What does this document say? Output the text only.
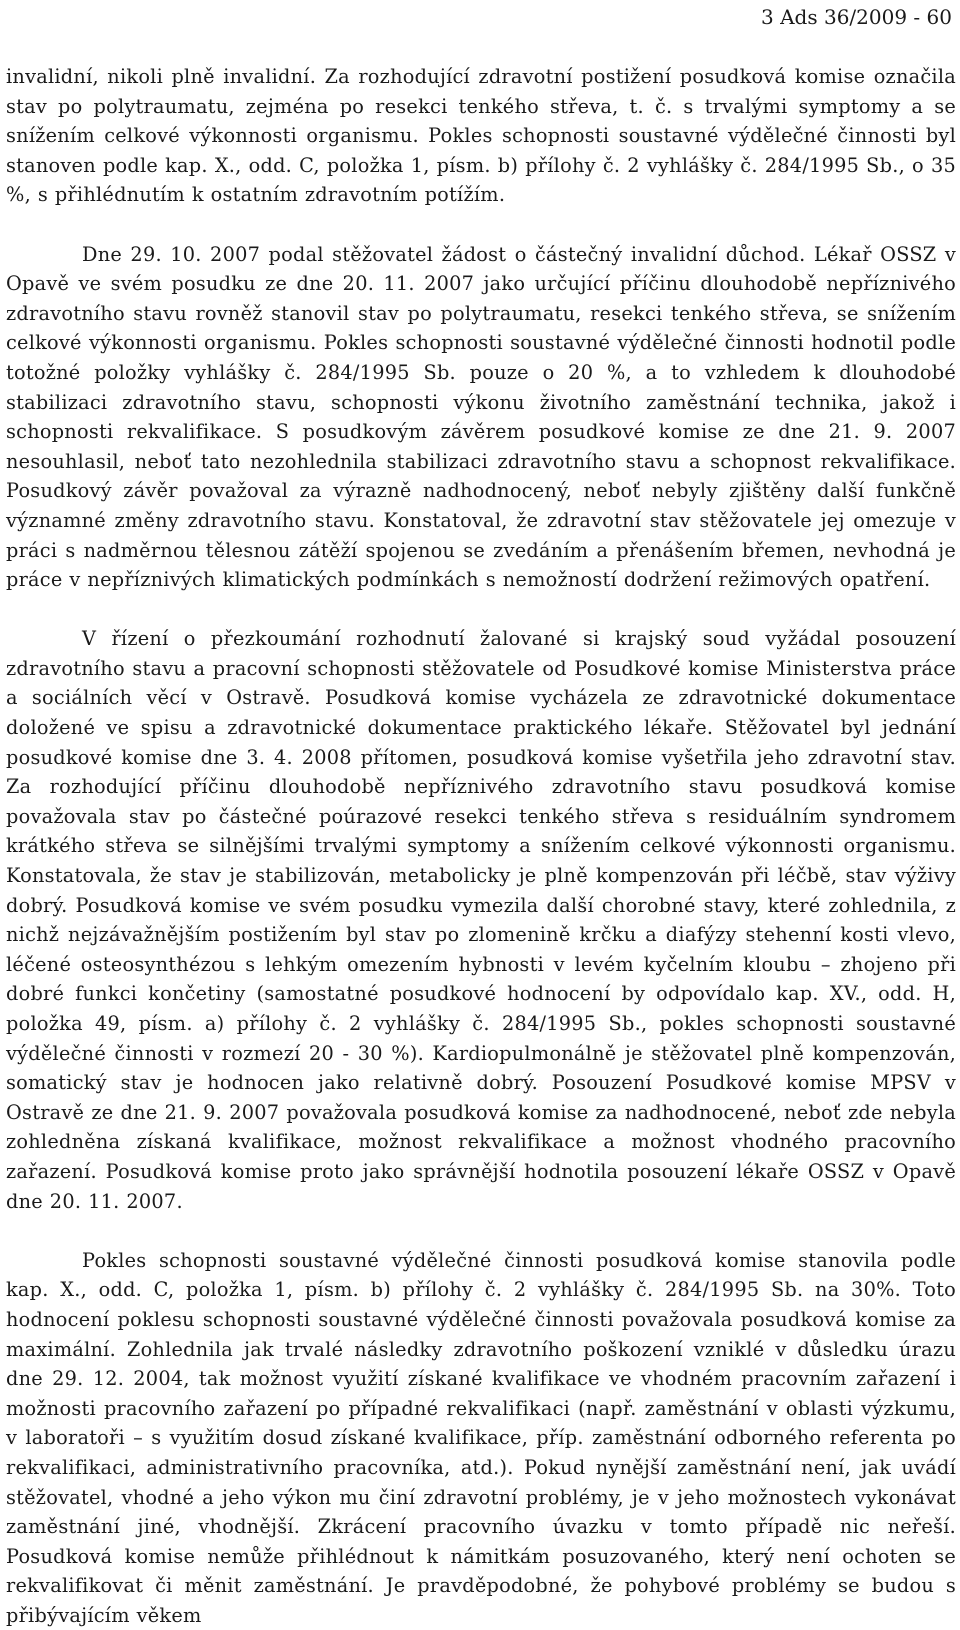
3 Ads 36/2009 - 60

invalidní, nikoli plně invalidní. Za rozhodující zdravotní postižení posudková komise označila stav po polytraumatu, zejména po resekci tenkého střeva, t. č. s trvalými symptomy a se snížením celkové výkonnosti organismu. Pokles schopnosti soustavné výdělečné činnosti byl stanoven podle kap. X., odd. C, položka 1, písm. b) přílohy č. 2 vyhlášky č. 284/1995 Sb., o 35 %, s přihlédnutím k ostatním zdravotním potížím.

Dne 29. 10. 2007 podal stěžovatel žádost o částečný invalidní důchod. Lékař OSSZ v Opavě ve svém posudku ze dne 20. 11. 2007 jako určující příčinu dlouhodobě nepříznivého zdravotního stavu rovněž stanovil stav po polytraumatu, resekci tenkého střeva, se snížením celkové výkonnosti organismu. Pokles schopnosti soustavné výdělečné činnosti hodnotil podle totožné položky vyhlášky č. 284/1995 Sb. pouze o 20 %, a to vzhledem k dlouhodobé stabilizaci zdravotního stavu, schopnosti výkonu životního zaměstnání technika, jakož i schopnosti rekvalifikace. S posudkovým závěrem posudkové komise ze dne 21. 9. 2007 nesouhlasil, neboť tato nezohlednila stabilizaci zdravotního stavu a schopnost rekvalifikace. Posudkový závěr považoval za výrazně nadhodnocený, neboť nebyly zjištěny další funkčně významné změny zdravotního stavu. Konstatoval, že zdravotní stav stěžovatele jej omezuje v práci s nadměrnou tělesnou zátěží spojenou se zvedáním a přenášením břemen, nevhodná je práce v nepříznivých klimatických podmínkách s nemožností dodržení režimových opatření.

V řízení o přezkoumání rozhodnutí žalované si krajský soud vyžádal posouzení zdravotního stavu a pracovní schopnosti stěžovatele od Posudkové komise Ministerstva práce a sociálních věcí v Ostravě. Posudková komise vycházela ze zdravotnické dokumentace doložené ve spisu a zdravotnické dokumentace praktického lékaře. Stěžovatel byl jednání posudkové komise dne 3. 4. 2008 přítomen, posudková komise vyšetřila jeho zdravotní stav. Za rozhodující příčinu dlouhodobě nepříznivého zdravotního stavu posudková komise považovala stav po částečné poúrazové resekci tenkého střeva s residuálním syndromem krátkého střeva se silnějšími trvalými symptomy a snížením celkové výkonnosti organismu. Konstatovala, že stav je stabilizován, metabolicky je plně kompenzován při léčbě, stav výživy dobrý. Posudková komise ve svém posudku vymezila další chorobné stavy, které zohlednila, z nichž nejzávažnějším postižením byl stav po zlomenině krčku a diafýzy stehenní kosti vlevo, léčené osteosynthézou s lehkým omezením hybnosti v levém kyčelním kloubu – zhojeno při dobré funkci končetiny (samostatné posudkové hodnocení by odpovídalo kap. XV., odd. H, položka 49, písm. a) přílohy č. 2 vyhlášky č. 284/1995 Sb., pokles schopnosti soustavné výdělečné činnosti v rozmezí 20 - 30 %). Kardiopulmonálně je stěžovatel plně kompenzován, somatický stav je hodnocen jako relativně dobrý. Posouzení Posudkové komise MPSV v Ostravě ze dne 21. 9. 2007 považovala posudková komise za nadhodnocené, neboť zde nebyla zohledněna získaná kvalifikace, možnost rekvalifikace a možnost vhodného pracovního zařazení. Posudková komise proto jako správnější hodnotila posouzení lékaře OSSZ v Opavě dne 20. 11. 2007.

Pokles schopnosti soustavné výdělečné činnosti posudková komise stanovila podle kap. X., odd. C, položka 1, písm. b) přílohy č. 2 vyhlášky č. 284/1995 Sb. na 30%. Toto hodnocení poklesu schopnosti soustavné výdělečné činnosti považovala posudková komise za maximální. Zohlednila jak trvalé následky zdravotního poškození vzniklé v důsledku úrazu dne 29. 12. 2004, tak možnost využití získané kvalifikace ve vhodném pracovním zařazení i možnosti pracovního zařazení po případné rekvalifikaci (např. zaměstnání v oblasti výzkumu, v laboratoři – s využitím dosud získané kvalifikace, příp. zaměstnání odborného referenta po rekvalifikaci, administrativního pracovníka, atd.). Pokud nynější zaměstnání není, jak uvádí stěžovatel, vhodné a jeho výkon mu činí zdravotní problémy, je v jeho možnostech vykonávat zaměstnání jiné, vhodnější. Zkrácení pracovního úvazku v tomto případě nic neřeší. Posudková komise nemůže přihlédnout k námitkám posuzovaného, který není ochoten se rekvalifikovat či měnit zaměstnání. Je pravděpodobné, že pohybové problémy se budou s přibývajícím věkem
